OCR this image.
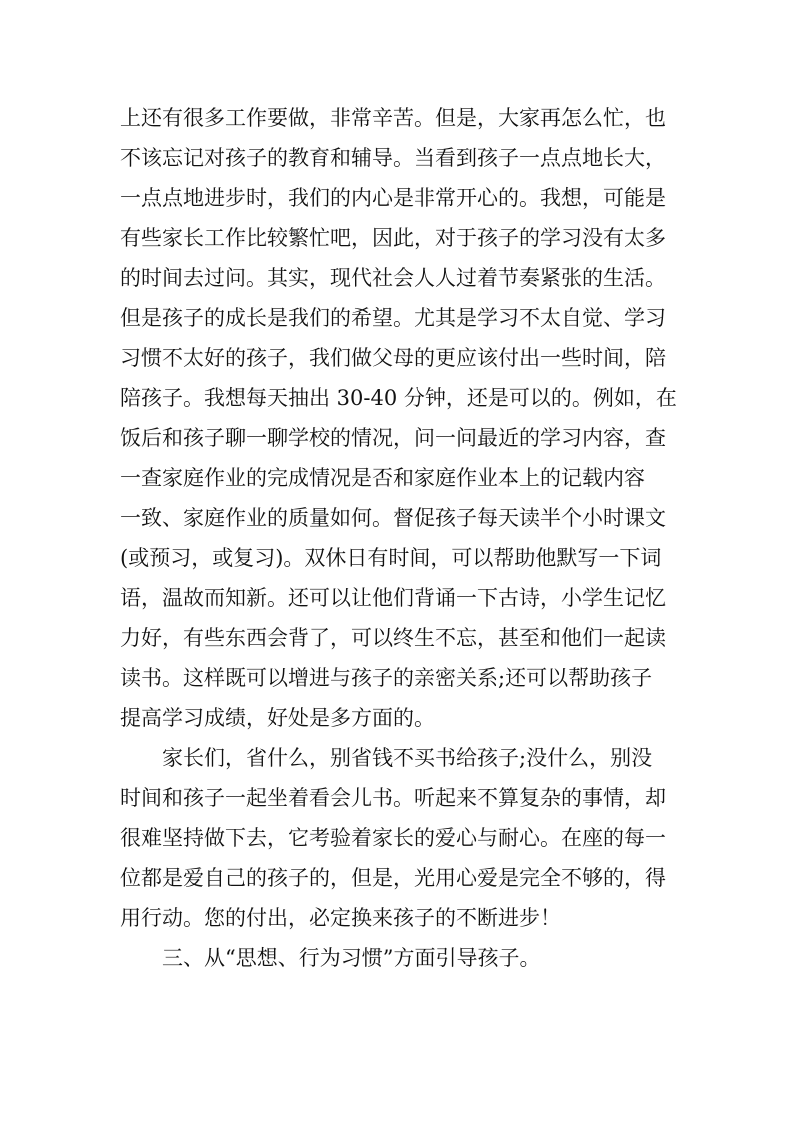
上还有很多工作要做，非常辛苦。但是，大家再怎么忙，也
不该忘记对孩子的教育和辅导。当看到孩子一点点地长大，
一点点地进步时，我们的内心是非常开心的。我想，可能是
有些家长工作比较繁忙吧，因此，对于孩子的学习没有太多
的时间去过问。其实，现代社会人人过着节奏紧张的生活。
但是孩子的成长是我们的希望。尤其是学习不太自觉、学习
习惯不太好的孩子，我们做父母的更应该付出一些时间，陪
陪孩子。我想每天抽出 30-40 分钟，还是可以的。例如，在
饭后和孩子聊一聊学校的情况，问一问最近的学习内容，查
一查家庭作业的完成情况是否和家庭作业本上的记载内容
一致、家庭作业的质量如何。督促孩子每天读半个小时课文
(或预习，或复习)。双休日有时间，可以帮助他默写一下词
语，温故而知新。还可以让他们背诵一下古诗，小学生记忆
力好，有些东西会背了，可以终生不忘，甚至和他们一起读
读书。这样既可以增进与孩子的亲密关系;还可以帮助孩子
提高学习成绩，好处是多方面的。
家长们，省什么，别省钱不买书给孩子;没什么，别没
时间和孩子一起坐着看会儿书。听起来不算复杂的事情，却
很难坚持做下去，它考验着家长的爱心与耐心。在座的每一
位都是爱自己的孩子的，但是，光用心爱是完全不够的，得
用行动。您的付出，必定换来孩子的不断进步！
三、从“思想、行为习惯”方面引导孩子。
